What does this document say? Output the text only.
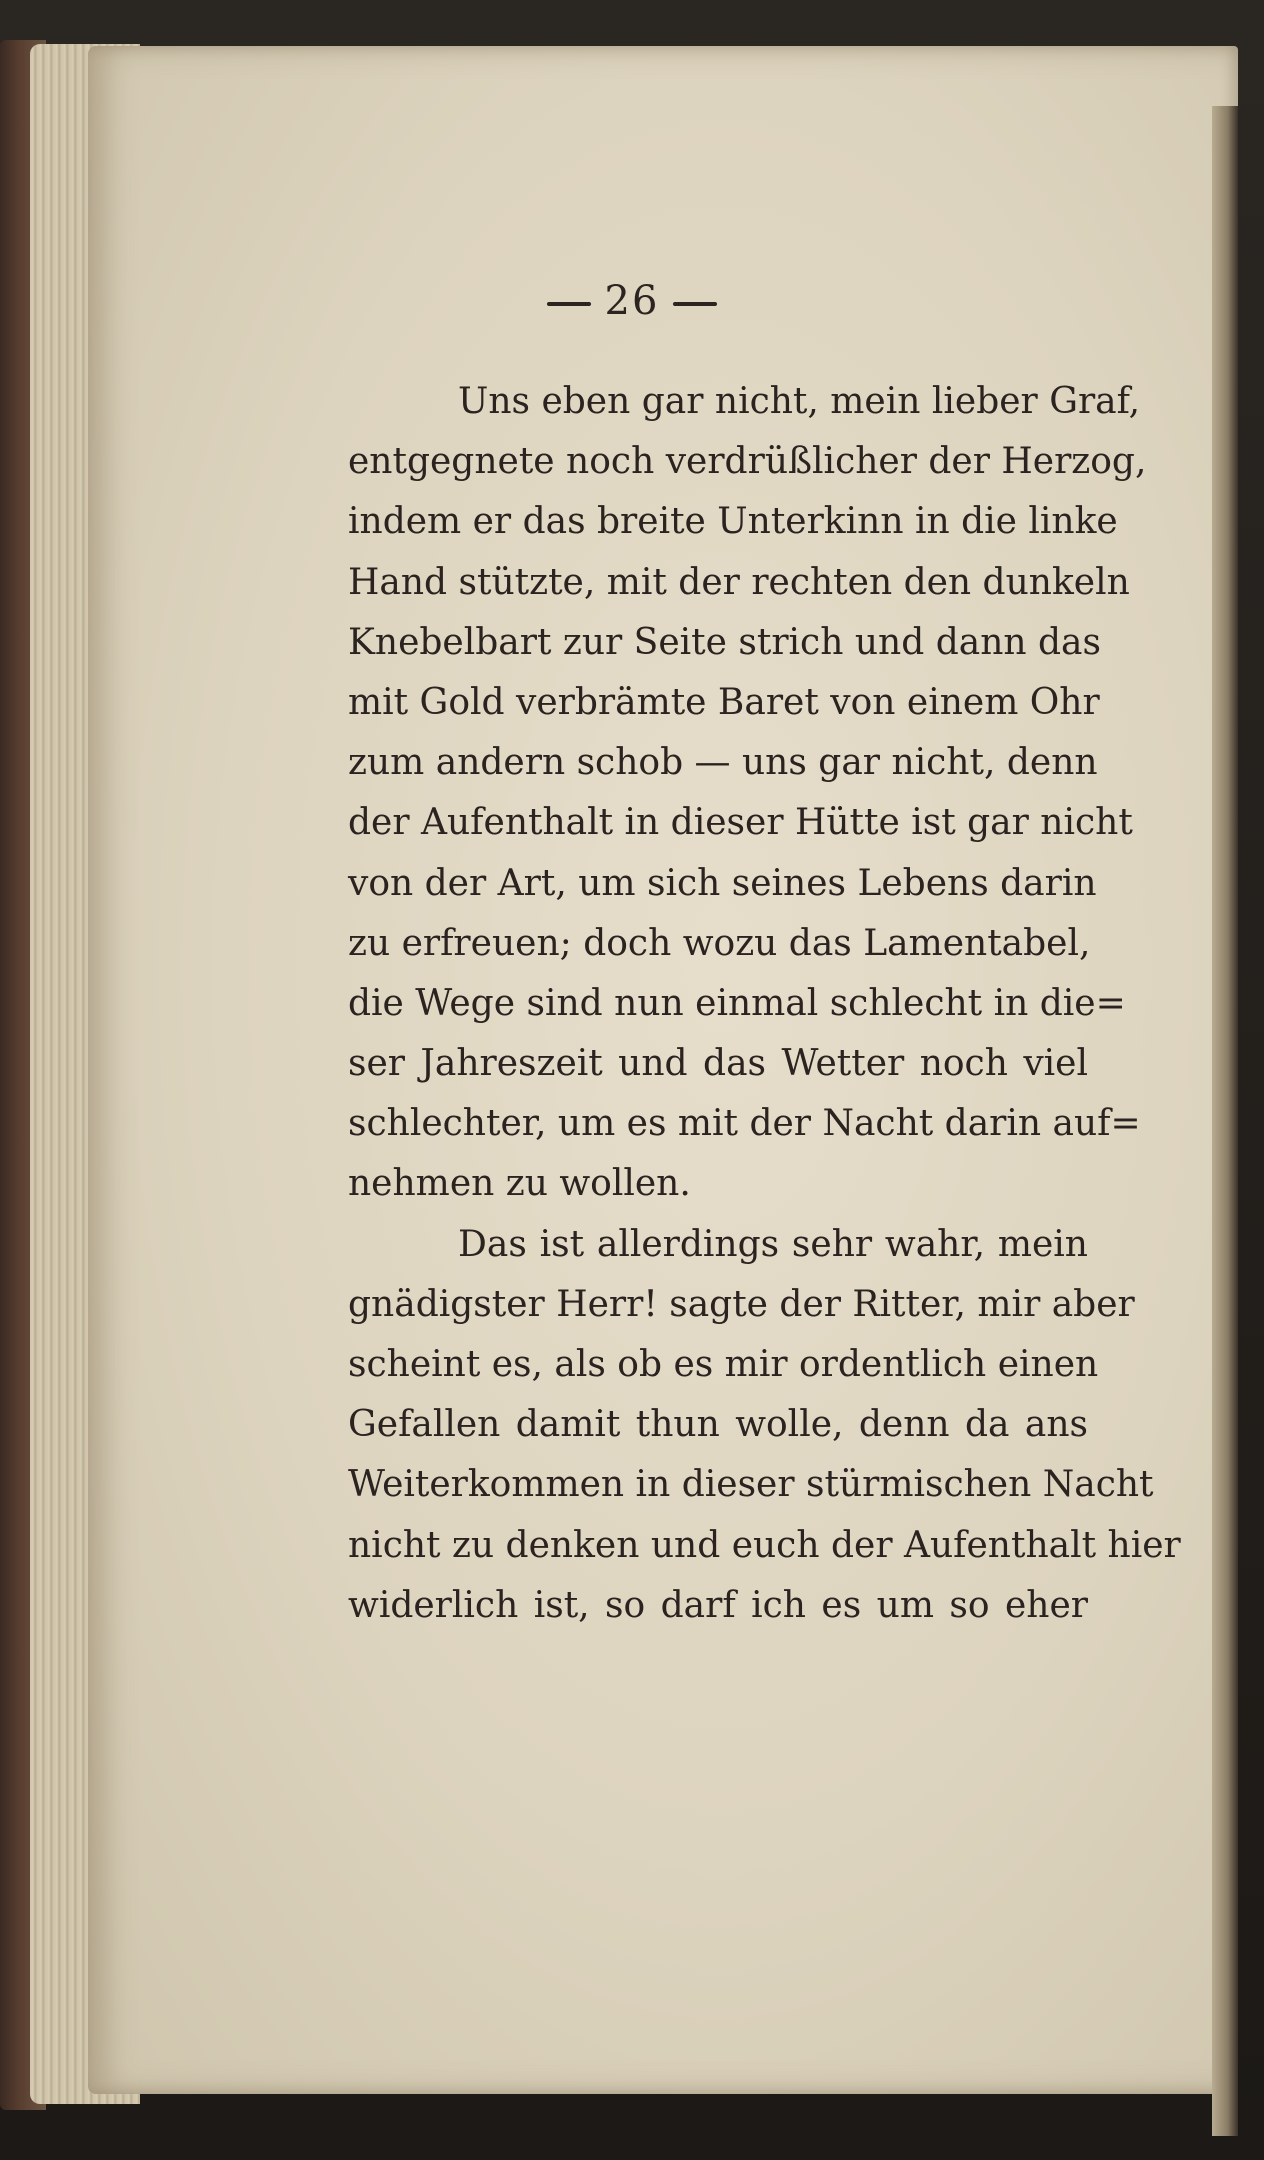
26
Uns eben gar nicht, mein lieber Graf,
entgegnete noch verdrüßlicher der Herzog,
indem er das breite Unterkinn in die linke
Hand stützte, mit der rechten den dunkeln
Knebelbart zur Seite strich und dann das
mit Gold verbrämte Baret von einem Ohr
zum andern schob — uns gar nicht, denn
der Aufenthalt in dieser Hütte ist gar nicht
von der Art, um sich seines Lebens darin
zu erfreuen; doch wozu das Lamentabel,
die Wege sind nun einmal schlecht in die=
ser Jahreszeit und das Wetter noch viel
schlechter, um es mit der Nacht darin auf=
nehmen zu wollen.
Das ist allerdings sehr wahr, mein
gnädigster Herr! sagte der Ritter, mir aber
scheint es, als ob es mir ordentlich einen
Gefallen damit thun wolle, denn da ans
Weiterkommen in dieser stürmischen Nacht
nicht zu denken und euch der Aufenthalt hier
widerlich ist, so darf ich es um so eher
